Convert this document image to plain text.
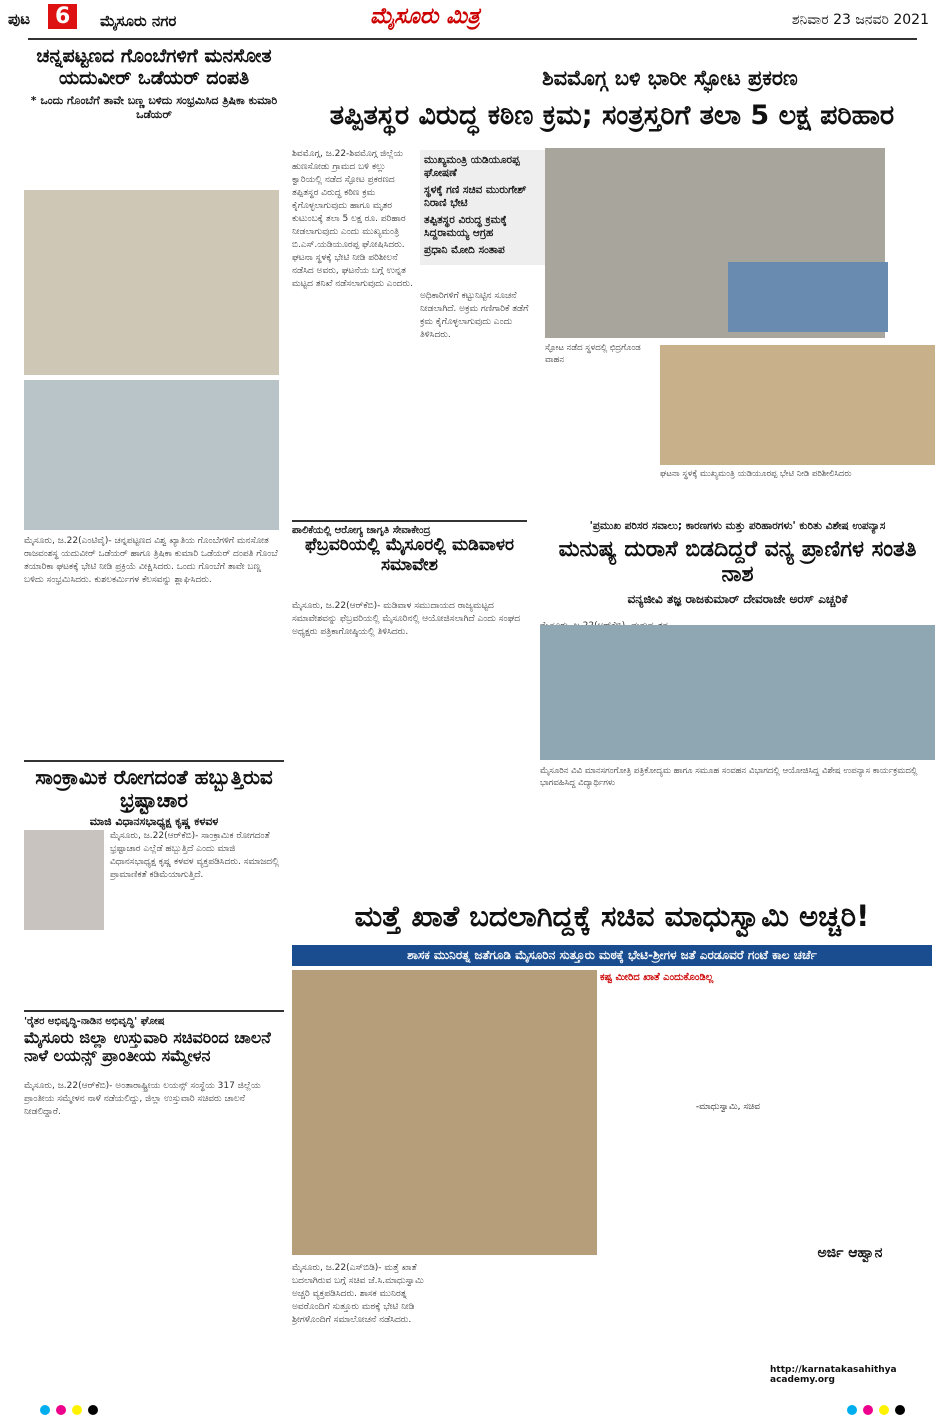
ಪುಟ	6	ಮೈಸೂರು ನಗರ	ಮೈಸೂರು ಮಿತ್ರ	ಶನಿವಾರ 23 ಜನವರಿ 2021
ಚನ್ನಪಟ್ಟಣದ ಗೊಂಬೆಗಳಿಗೆ ಮನಸೋತ ಯದುವೀರ್ ಒಡೆಯರ್ ದಂಪತಿ
* ಒಂದು ಗೊಂಬೆಗೆ ತಾವೇ ಬಣ್ಣ ಬಳಿದು ಸಂಭ್ರಮಿಸಿದ ತ್ರಿಷಿಕಾ ಕುಮಾರಿ ಒಡೆಯರ್
ಮೈಸೂರು, ಜ.22(ಎಂಟಿವೈ)- ಚನ್ನಪಟ್ಟಣದ ವಿಶ್ವ ಖ್ಯಾತಿಯ ಗೊಂಬೆಗಳಿಗೆ ಮನಸೋತ ರಾಜವಂಶಸ್ಥ ಯದುವೀರ್ ಒಡೆಯರ್ ಹಾಗೂ ತ್ರಿಷಿಕಾ ಕುಮಾರಿ ಒಡೆಯರ್ ದಂಪತಿ ಗೊಂಬೆ ತಯಾರಿಕಾ ಘಟಕಕ್ಕೆ ಭೇಟಿ ನೀಡಿ ಪ್ರಕ್ರಿಯೆ ವೀಕ್ಷಿಸಿದರು. ಒಂದು ಗೊಂಬೆಗೆ ತಾವೇ ಬಣ್ಣ ಬಳಿದು ಸಂಭ್ರಮಿಸಿದರು. ಕುಶಲಕರ್ಮಿಗಳ ಕೆಲಸವನ್ನು ಶ್ಲಾಘಿಸಿದರು.
ಸಾಂಕ್ರಾಮಿಕ ರೋಗದಂತೆ ಹಬ್ಬುತ್ತಿರುವ ಭ್ರಷ್ಟಾಚಾರ
ಮಾಜಿ ವಿಧಾನಸಭಾಧ್ಯಕ್ಷ ಕೃಷ್ಣ ಕಳವಳ
ಮೈಸೂರು, ಜ.22(ಆರ್‌ಕೆಬಿ)- ಸಾಂಕ್ರಾಮಿಕ ರೋಗದಂತೆ ಭ್ರಷ್ಟಾಚಾರ ಎಲ್ಲೆಡೆ ಹಬ್ಬುತ್ತಿದೆ ಎಂದು ಮಾಜಿ ವಿಧಾನಸಭಾಧ್ಯಕ್ಷ ಕೃಷ್ಣ ಕಳವಳ ವ್ಯಕ್ತಪಡಿಸಿದರು. ಸಮಾಜದಲ್ಲಿ ಪ್ರಾಮಾಣಿಕತೆ ಕಡಿಮೆಯಾಗುತ್ತಿದೆ.
'ರೈತರ ಅಭಿವೃದ್ಧಿ-ನಾಡಿನ ಅಭಿವೃದ್ಧಿ' ಘೋಷ
ಮೈಸೂರು ಜಿಲ್ಲಾ ಉಸ್ತುವಾರಿ ಸಚಿವರಿಂದ ಚಾಲನೆ ನಾಳೆ ಲಯನ್ಸ್ ಪ್ರಾಂತೀಯ ಸಮ್ಮೇಳನ
ಮೈಸೂರು, ಜ.22(ಆರ್‌ಕೆಬಿ)- ಅಂತಾರಾಷ್ಟ್ರೀಯ ಲಯನ್ಸ್ ಸಂಸ್ಥೆಯ 317 ಜಿಲ್ಲೆಯ ಪ್ರಾಂತೀಯ ಸಮ್ಮೇಳನ ನಾಳೆ ನಡೆಯಲಿದ್ದು, ಜಿಲ್ಲಾ ಉಸ್ತುವಾರಿ ಸಚಿವರು ಚಾಲನೆ ನೀಡಲಿದ್ದಾರೆ.
ಶಿವಮೊಗ್ಗ ಬಳಿ ಭಾರೀ ಸ್ಫೋಟ ಪ್ರಕರಣ
ತಪ್ಪಿತಸ್ಥರ ವಿರುದ್ಧ ಕಠಿಣ ಕ್ರಮ; ಸಂತ್ರಸ್ತರಿಗೆ ತಲಾ 5 ಲಕ್ಷ ಪರಿಹಾರ
ಶಿವಮೊಗ್ಗ, ಜ.22-ಶಿವಮೊಗ್ಗ ಜಿಲ್ಲೆಯ ಹುಣಸೋಡು ಗ್ರಾಮದ ಬಳಿ ಕಲ್ಲು ಕ್ವಾರಿಯಲ್ಲಿ ನಡೆದ ಸ್ಫೋಟ ಪ್ರಕರಣದ ತಪ್ಪಿತಸ್ಥರ ವಿರುದ್ಧ ಕಠಿಣ ಕ್ರಮ ಕೈಗೊಳ್ಳಲಾಗುವುದು ಹಾಗೂ ಮೃತರ ಕುಟುಂಬಕ್ಕೆ ತಲಾ 5 ಲಕ್ಷ ರೂ. ಪರಿಹಾರ ನೀಡಲಾಗುವುದು ಎಂದು ಮುಖ್ಯಮಂತ್ರಿ ಬಿ.ಎಸ್.ಯಡಿಯೂರಪ್ಪ ಘೋಷಿಸಿದರು. ಘಟನಾ ಸ್ಥಳಕ್ಕೆ ಭೇಟಿ ನೀಡಿ ಪರಿಶೀಲನೆ ನಡೆಸಿದ ಅವರು, ಘಟನೆಯ ಬಗ್ಗೆ ಉನ್ನತ ಮಟ್ಟದ ತನಿಖೆ ನಡೆಸಲಾಗುವುದು ಎಂದರು.
ಮುಖ್ಯಮಂತ್ರಿ ಯಡಿಯೂರಪ್ಪ ಘೋಷಣೆ
ಸ್ಥಳಕ್ಕೆ ಗಣಿ ಸಚಿವ ಮುರುಗೇಶ್ ನಿರಾಣಿ ಭೇಟಿ
ತಪ್ಪಿತಸ್ಥರ ವಿರುದ್ಧ ಕ್ರಮಕ್ಕೆ ಸಿದ್ದರಾಮಯ್ಯ ಆಗ್ರಹ
ಪ್ರಧಾನಿ ಮೋದಿ ಸಂತಾಪ
ಅಧಿಕಾರಿಗಳಿಗೆ ಕಟ್ಟುನಿಟ್ಟಿನ ಸೂಚನೆ ನೀಡಲಾಗಿದೆ. ಅಕ್ರಮ ಗಣಿಗಾರಿಕೆ ತಡೆಗೆ ಕ್ರಮ ಕೈಗೊಳ್ಳಲಾಗುವುದು ಎಂದು ತಿಳಿಸಿದರು.
ಸ್ಫೋಟ ನಡೆದ ಸ್ಥಳದಲ್ಲಿ ಛಿದ್ರಗೊಂಡ ವಾಹನ
ಘಟನಾ ಸ್ಥಳಕ್ಕೆ ಮುಖ್ಯಮಂತ್ರಿ ಯಡಿಯೂರಪ್ಪ ಭೇಟಿ ನೀಡಿ ಪರಿಶೀಲಿಸಿದರು
ಪಾಲಿಕೆಯಲ್ಲಿ ಆರೋಗ್ಯ ಜಾಗೃತಿ ಸೇವಾಕೇಂದ್ರ
ಫೆಬ್ರವರಿಯಲ್ಲಿ ಮೈಸೂರಲ್ಲಿ ಮಡಿವಾಳರ ಸಮಾವೇಶ
ಮೈಸೂರು, ಜ.22(ಆರ್‌ಕೆಬಿ)- ಮಡಿವಾಳ ಸಮುದಾಯದ ರಾಜ್ಯಮಟ್ಟದ ಸಮಾವೇಶವನ್ನು ಫೆಬ್ರವರಿಯಲ್ಲಿ ಮೈಸೂರಿನಲ್ಲಿ ಆಯೋಜಿಸಲಾಗಿದೆ ಎಂದು ಸಂಘದ ಅಧ್ಯಕ್ಷರು ಪತ್ರಿಕಾಗೋಷ್ಠಿಯಲ್ಲಿ ತಿಳಿಸಿದರು.
'ಪ್ರಮುಖ ಪರಿಸರ ಸವಾಲು; ಕಾರಣಗಳು ಮತ್ತು ಪರಿಹಾರಗಳು' ಕುರಿತು ವಿಶೇಷ ಉಪನ್ಯಾಸ
ಮನುಷ್ಯ ದುರಾಸೆ ಬಿಡದಿದ್ದರೆ ವನ್ಯ ಪ್ರಾಣಿಗಳ ಸಂತತಿ ನಾಶ
ವನ್ಯಜೀವಿ ತಜ್ಞ ರಾಜಕುಮಾರ್ ದೇವರಾಜೇ ಅರಸ್ ಎಚ್ಚರಿಕೆ
ಮೈಸೂರಿನ ವಿವಿ ಮಾನಸಗಂಗೋತ್ರಿ ಪತ್ರಿಕೋದ್ಯಮ ಹಾಗೂ ಸಮೂಹ ಸಂವಹನ ವಿಭಾಗದಲ್ಲಿ ಆಯೋಜಿಸಿದ್ದ ವಿಶೇಷ ಉಪನ್ಯಾಸ ಕಾರ್ಯಕ್ರಮದಲ್ಲಿ ಭಾಗವಹಿಸಿದ್ದ ವಿದ್ಯಾರ್ಥಿಗಳು
ಮತ್ತೆ ಖಾತೆ ಬದಲಾಗಿದ್ದಕ್ಕೆ ಸಚಿವ ಮಾಧುಸ್ವಾಮಿ ಅಚ್ಚರಿ!
ಶಾಸಕ ಮುನಿರತ್ನ ಜತೆಗೂಡಿ ಮೈಸೂರಿನ ಸುತ್ತೂರು ಮಠಕ್ಕೆ ಭೇಟಿ-ಶ್ರೀಗಳ ಜತೆ ಎರಡೂವರೆ ಗಂಟೆ ಕಾಲ ಚರ್ಚೆ
ಮೈಸೂರು, ಜ.22(ಎಸ್‌ಬಿಡಿ)- ಮತ್ತೆ ಖಾತೆ ಬದಲಾಗಿರುವ ಬಗ್ಗೆ ಸಚಿವ ಜೆ.ಸಿ.ಮಾಧುಸ್ವಾಮಿ ಅಚ್ಚರಿ ವ್ಯಕ್ತಪಡಿಸಿದರು. ಶಾಸಕ ಮುನಿರತ್ನ ಅವರೊಂದಿಗೆ ಸುತ್ತೂರು ಮಠಕ್ಕೆ ಭೇಟಿ ನೀಡಿ ಶ್ರೀಗಳೊಂದಿಗೆ ಸಮಾಲೋಚನೆ ನಡೆಸಿದರು.
ಕಷ್ಟ ಮೀರಿದ ಖಾತೆ ಎಂದುಕೊಂಡಿಲ್ಲ
-ಮಾಧುಸ್ವಾಮಿ, ಸಚಿವ
ಅರ್ಜಿ ಆಹ್ವಾನ
http://karnatakasahithya academy.org
